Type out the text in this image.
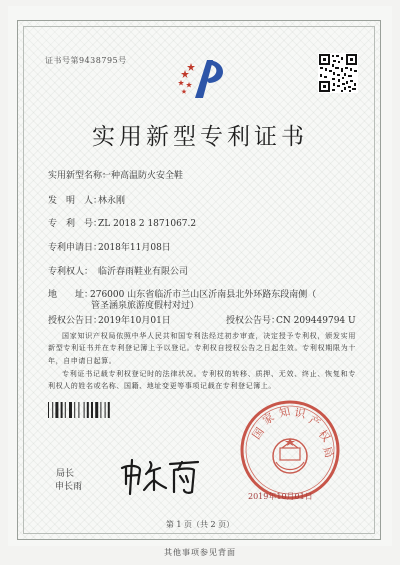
证书号第9438795号
实用新型专利证书
实用新型名称：一种高温防火安全鞋
发　明　人：林永刚
专　利　号：ZL 2018 2 1871067.2
专利申请日：2018年11月08日
专利权人： 临沂春雨鞋业有限公司
地　　址：276000 山东省临沂市兰山区沂南县北外环路东段南侧（
管圣涵泉旅游度假村对过）
授权公告日：2019年10月01日	授权公告号：CN 209449794 U
国家知识产权局依照中华人民共和国专利法经过初步审查，决定授予专利权，颁发实用新型专利证书并在专利登记簿上予以登记。专利权自授权公告之日起生效。专利权期限为十年，自申请日起算。
专利证书记载专利权登记时的法律状况。专利权的转移、质押、无效、终止、恢复和专利权人的姓名或名称、国籍、地址变更等事项记载在专利登记簿上。
局长
申长雨
国
家 知 识 产
权
局
2019年10月01日
第 1 页（共 2 页）
其他事项参见背面
